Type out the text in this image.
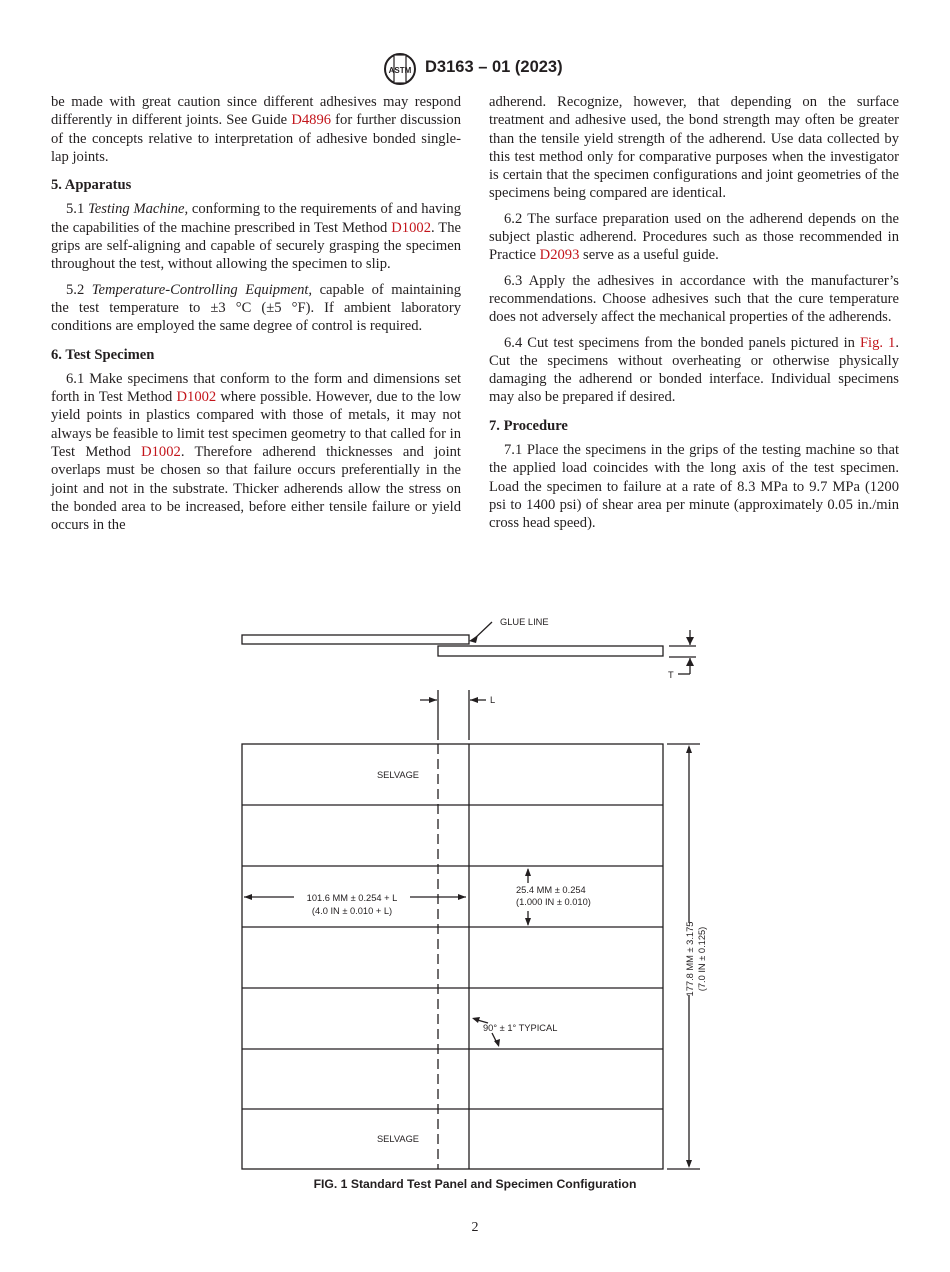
ASTM D3163 – 01 (2023)

be made with great caution since different adhesives may respond differently in different joints. See Guide D4896 for further discussion of the concepts relative to interpretation of adhesive bonded single-lap joints.

5. Apparatus

5.1 Testing Machine, conforming to the requirements of and having the capabilities of the machine prescribed in Test Method D1002. The grips are self-aligning and capable of securely grasping the specimen throughout the test, without allowing the specimen to slip.

5.2 Temperature-Controlling Equipment, capable of maintaining the test temperature to ±3 °C (±5 °F). If ambient laboratory conditions are employed the same degree of control is required.

6. Test Specimen

6.1 Make specimens that conform to the form and dimensions set forth in Test Method D1002 where possible. However, due to the low yield points in plastics compared with those of metals, it may not always be feasible to limit test specimen geometry to that called for in Test Method D1002. Therefore adherend thicknesses and joint overlaps must be chosen so that failure occurs preferentially in the joint and not in the substrate. Thicker adherends allow the stress on the bonded area to be increased, before either tensile failure or yield occurs in the

adherend. Recognize, however, that depending on the surface treatment and adhesive used, the bond strength may often be greater than the tensile yield strength of the adherend. Use data collected by this test method only for comparative purposes when the investigator is certain that the specimen configurations and joint geometries of the specimens being compared are identical.

6.2 The surface preparation used on the adherend depends on the subject plastic adherend. Procedures such as those recommended in Practice D2093 serve as a useful guide.

6.3 Apply the adhesives in accordance with the manufacturer’s recommendations. Choose adhesives such that the cure temperature does not adversely affect the mechanical properties of the adherends.

6.4 Cut test specimens from the bonded panels pictured in Fig. 1. Cut the specimens without overheating or otherwise physically damaging the adherend or bonded interface. Individual specimens may also be prepared if desired.

7. Procedure

7.1 Place the specimens in the grips of the testing machine so that the applied load coincides with the long axis of the test specimen. Load the specimen to failure at a rate of 8.3 MPa to 9.7 MPa (1200 psi to 1400 psi) of shear area per minute (approximately 0.05 in./min cross head speed).

GLUE LINE
T
L
SELVAGE
SELVAGE
101.6 MM ± 0.254 + L
(4.0 IN ± 0.010 + L)
25.4 MM ± 0.254
(1.000 IN ± 0.010)
177.8 MM ± 3.175 (7.0 IN ± 0.125)
90° ± 1° TYPICAL
FIG. 1 Standard Test Panel and Specimen Configuration
2
